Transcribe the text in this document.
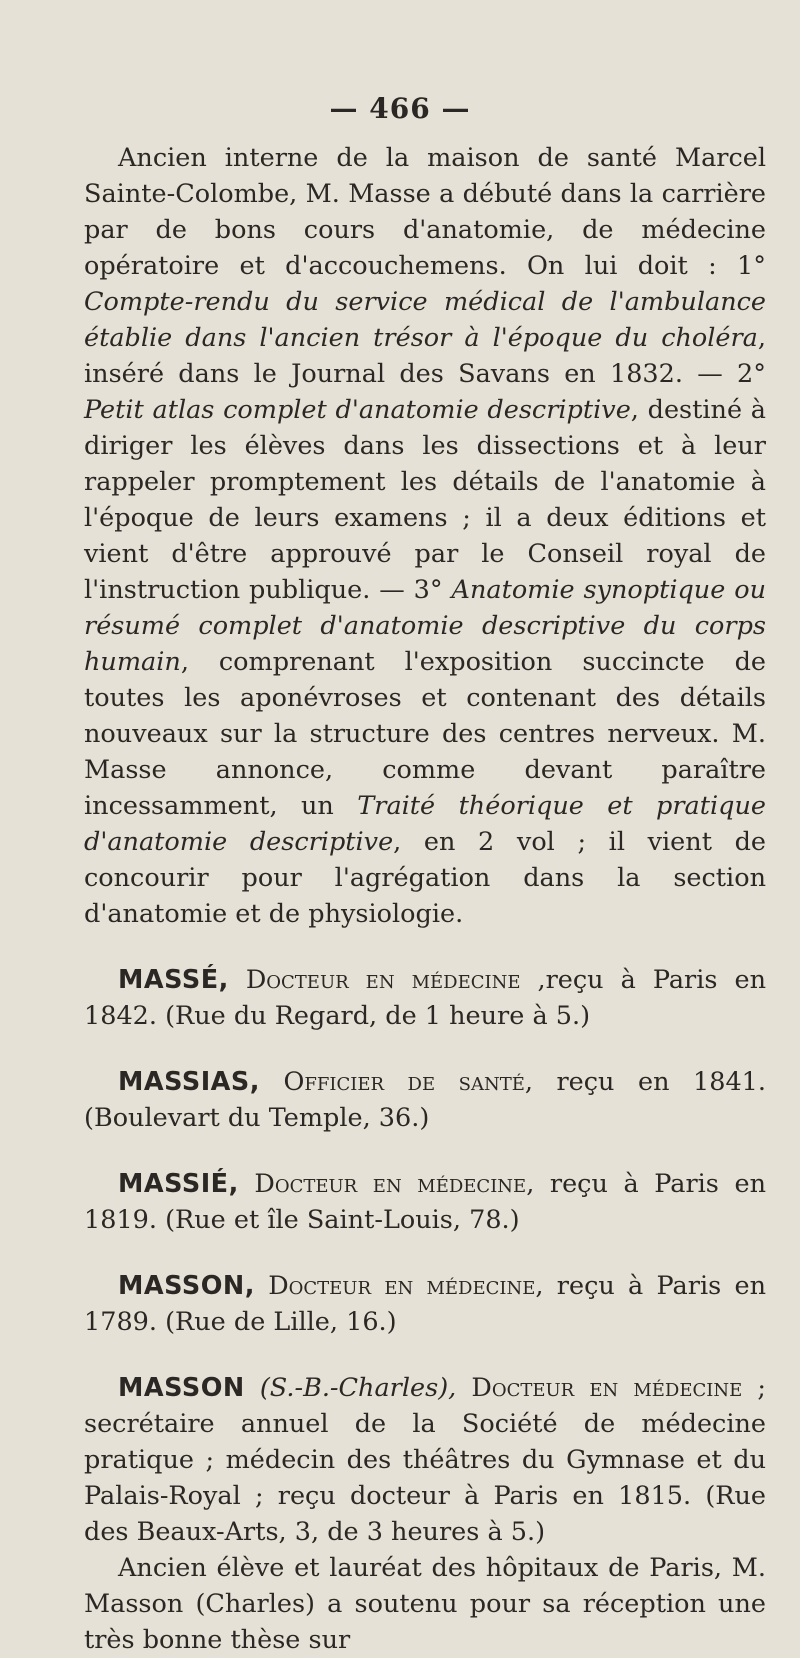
— 466 —

Ancien interne de la maison de santé Marcel Sainte-Colombe, M. Masse a débuté dans la carrière par de bons cours d'anatomie, de médecine opératoire et d'accouchemens. On lui doit : 1° Compte-rendu du service médical de l'ambulance établie dans l'ancien trésor à l'époque du choléra, inséré dans le Journal des Savans en 1832. — 2° Petit atlas complet d'anatomie descriptive, destiné à diriger les élèves dans les dissections et à leur rappeler promptement les détails de l'anatomie à l'époque de leurs examens ; il a deux éditions et vient d'être approuvé par le Conseil royal de l'instruction publique. — 3° Anatomie synoptique ou résumé complet d'anatomie descriptive du corps humain, comprenant l'exposition succincte de toutes les aponévroses et contenant des détails nouveaux sur la structure des centres nerveux. M. Masse annonce, comme devant paraître incessamment, un Traité théorique et pratique d'anatomie descriptive, en 2 vol ; il vient de concourir pour l'agrégation dans la section d'anatomie et de physiologie.

MASSÉ, Docteur en médecine ,reçu à Paris en 1842. (Rue du Regard, de 1 heure à 5.)

MASSIAS, Officier de santé, reçu en 1841. (Boulevart du Temple, 36.)

MASSIÉ, Docteur en médecine, reçu à Paris en 1819. (Rue et île Saint-Louis, 78.)

MASSON, Docteur en médecine, reçu à Paris en 1789. (Rue de Lille, 16.)

MASSON (S.-B.-Charles), Docteur en médecine ; secrétaire annuel de la Société de médecine pratique ; médecin des théâtres du Gymnase et du Palais-Royal ; reçu docteur à Paris en 1815. (Rue des Beaux-Arts, 3, de 3 heures à 5.)

Ancien élève et lauréat des hôpitaux de Paris, M. Masson (Charles) a soutenu pour sa réception une très bonne thèse sur
